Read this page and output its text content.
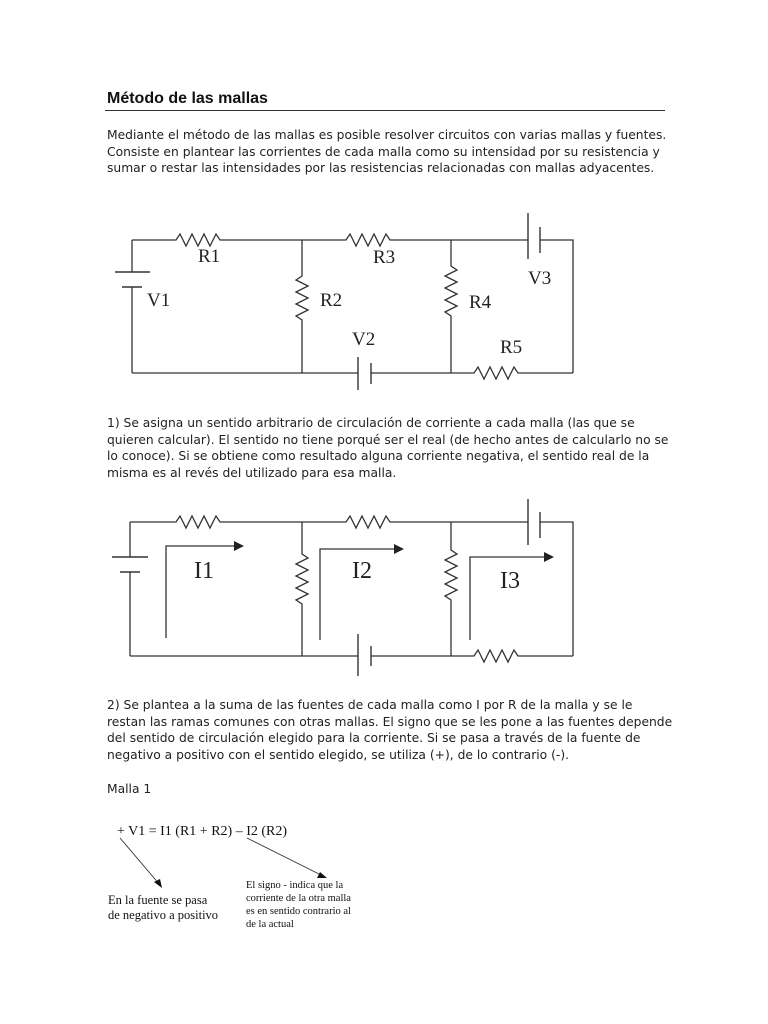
Método de las mallas
Mediante el método de las mallas es posible resolver circuitos con varias mallas y fuentes.
Consiste en plantear las corrientes de cada malla como su intensidad por su resistencia y
sumar o restar las intensidades por las resistencias relacionadas con mallas adyacentes.
R1	R3
V1	R2	R4
V3
V2	R5
1) Se asigna un sentido arbitrario de circulación de corriente a cada malla (las que se
quieren calcular). El sentido no tiene porqué ser el real (de hecho antes de calcularlo no se
lo conoce). Si se obtiene como resultado alguna corriente negativa, el sentido real de la
misma es al revés del utilizado para esa malla.
I1	I2	I3
2) Se plantea a la suma de las fuentes de cada malla como I por R de la malla y se le
restan las ramas comunes con otras mallas. El signo que se les pone a las fuentes depende
del sentido de circulación elegido para la corriente. Si se pasa a través de la fuente de
negativo a positivo con el sentido elegido, se utiliza (+), de lo contrario (-).
Malla 1
+ V1 = I1 (R1 + R2) – I2 (R2)
En la fuente se pasa
de negativo a positivo
El signo - indica que la
corriente de la otra malla
es en sentido contrario al
de la actual
